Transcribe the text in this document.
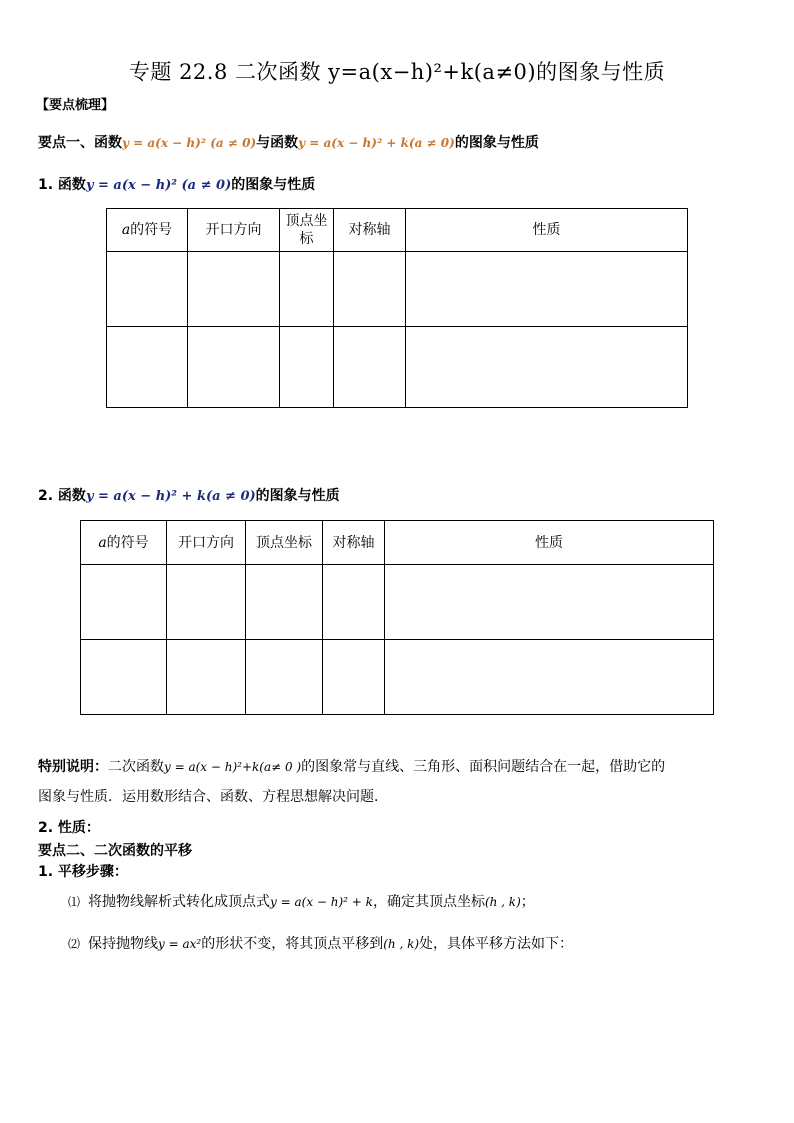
专题 22.8 二次函数 y=a(x−h)²+k(a≠0)的图象与性质
【要点梳理】
要点一、函数y = a(x − h)² (a ≠ 0)与函数y = a(x − h)² + k(a ≠ 0)的图象与性质
1. 函数y = a(x − h)² (a ≠ 0)的图象与性质
a的符号	开口方向	顶点坐标	对称轴	性质

2. 函数y = a(x − h)² + k(a ≠ 0)的图象与性质
a的符号	开口方向	顶点坐标	对称轴	性质

特别说明：二次函数y = a(x − h)²+k(a≠ 0 )的图象常与直线、三角形、面积问题结合在一起，借助它的
图象与性质．运用数形结合、函数、方程思想解决问题．
2. 性质：
要点二、二次函数的平移
1. 平移步骤：
⑴ 将抛物线解析式转化成顶点式y = a(x − h)² + k，确定其顶点坐标(h , k)；
⑵ 保持抛物线y = ax²的形状不变，将其顶点平移到(h , k)处，具体平移方法如下：
